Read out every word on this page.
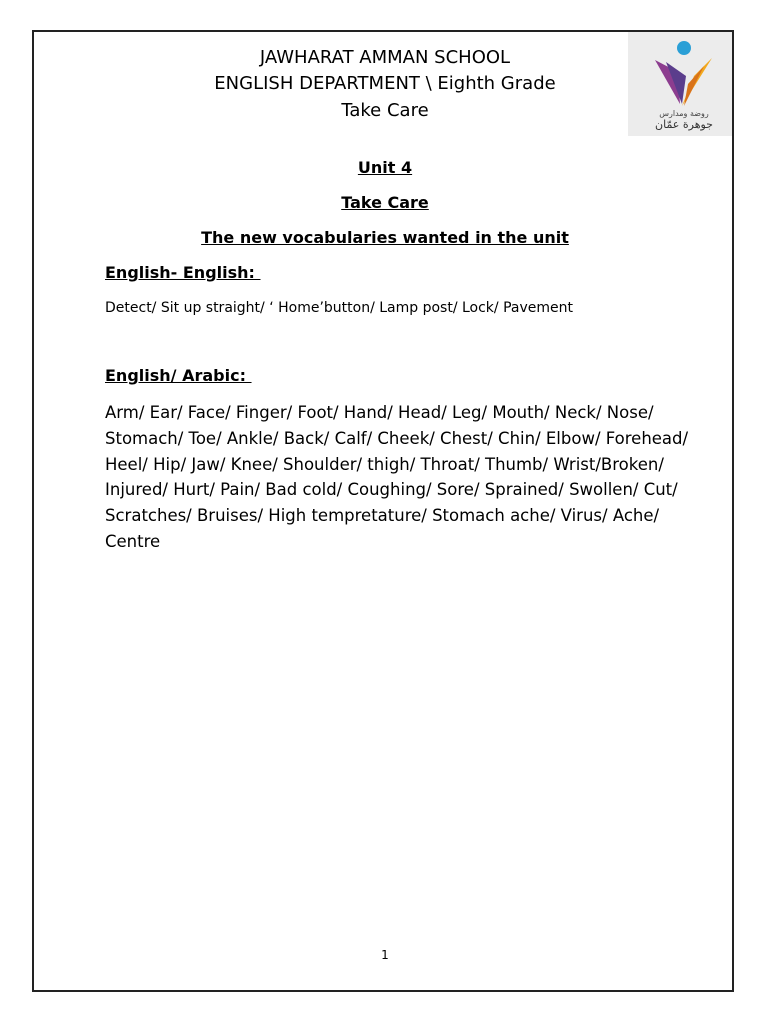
روضة ومدارس
جوهرة عمّان
JAWHARAT AMMAN SCHOOL
ENGLISH DEPARTMENT \ Eighth Grade
Take Care
Unit 4
Take Care
The new vocabularies wanted in the unit
English- English:
Detect/ Sit up straight/ ‘ Home’button/ Lamp post/ Lock/ Pavement
English/ Arabic:
Arm/ Ear/ Face/ Finger/ Foot/ Hand/ Head/ Leg/ Mouth/ Neck/ Nose/ Stomach/ Toe/ Ankle/ Back/ Calf/ Cheek/ Chest/ Chin/ Elbow/ Forehead/ Heel/ Hip/ Jaw/ Knee/ Shoulder/ thigh/ Throat/ Thumb/ Wrist/Broken/ Injured/ Hurt/ Pain/ Bad cold/ Coughing/ Sore/ Sprained/ Swollen/ Cut/ Scratches/ Bruises/ High tempretature/ Stomach ache/ Virus/ Ache/ Centre
1
